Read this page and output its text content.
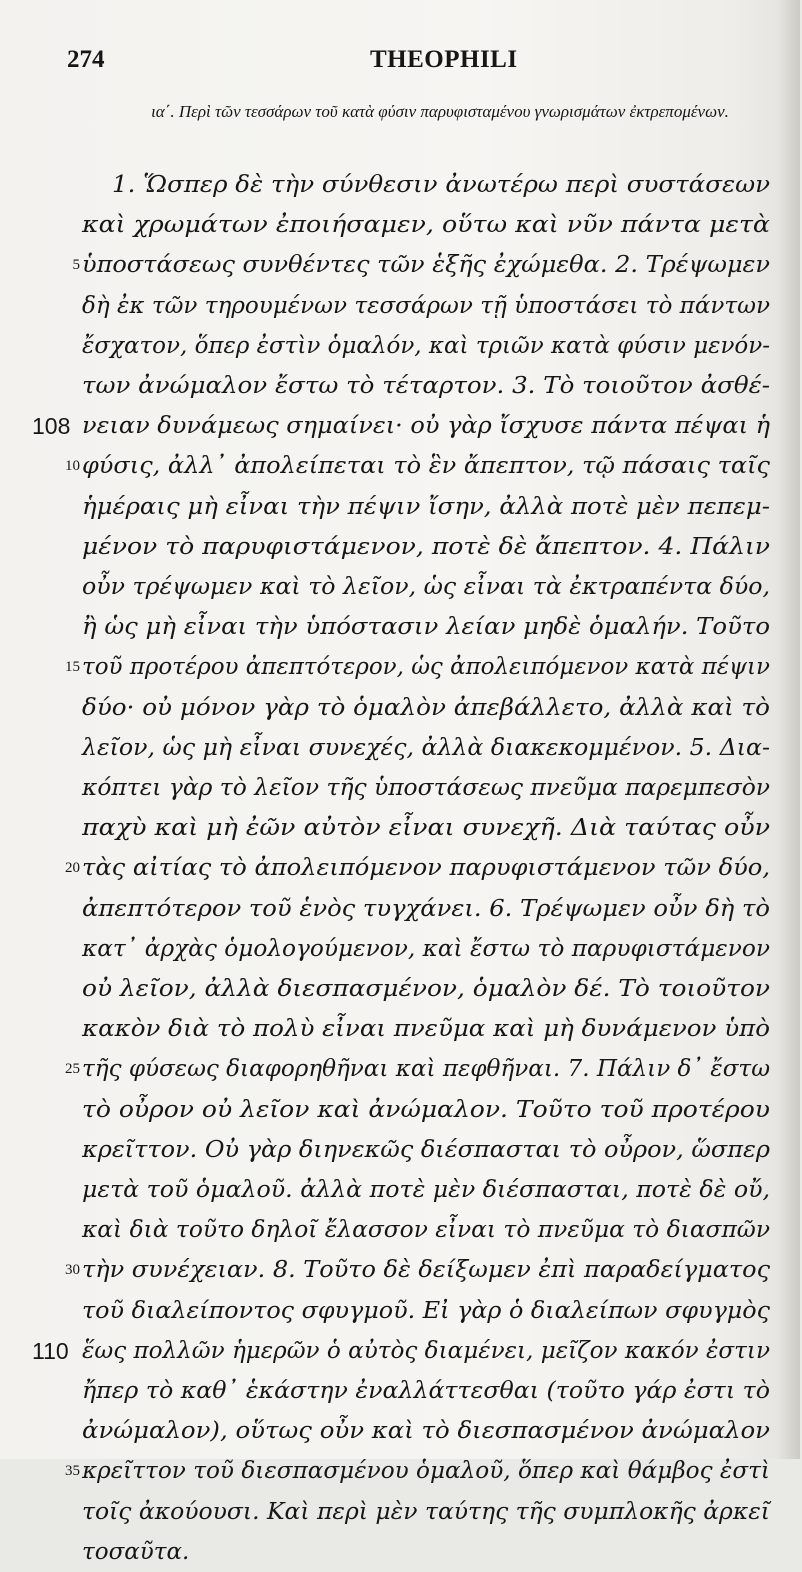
274	THEOPHILI
ια΄. Περὶ τῶν τεσσάρων τοῦ κατὰ φύσιν παρυφισταμένου γνωρισμάτων ἐκτρεπομένων.
1. Ὥσπερ δὲ τὴν σύνθεσιν ἀνωτέρω περὶ συστάσεων
καὶ χρωμάτων ἐποιήσαμεν, οὕτω καὶ νῦν πάντα μετὰ
5 ὑποστάσεως συνθέντες τῶν ἑξῆς ἐχώμεθα. 2. Τρέψωμεν
δὴ ἐκ τῶν τηρουμένων τεσσάρων τῇ ὑποστάσει τὸ πάντων
ἔσχατον, ὅπερ ἐστὶν ὁμαλόν, καὶ τριῶν κατὰ φύσιν μενόν-
των ἀνώμαλον ἔστω τὸ τέταρτον. 3. Τὸ τοιοῦτον ἀσθέ-
108 νειαν δυνάμεως σημαίνει· οὐ γὰρ ἴσχυσε πάντα πέψαι ἡ
10 φύσις, ἀλλ᾽ ἀπολείπεται τὸ ἓν ἄπεπτον, τῷ πάσαις ταῖς
ἡμέραις μὴ εἶναι τὴν πέψιν ἴσην, ἀλλὰ ποτὲ μὲν πεπεμ-
μένον τὸ παρυφιστάμενον, ποτὲ δὲ ἄπεπτον. 4. Πάλιν
οὖν τρέψωμεν καὶ τὸ λεῖον, ὡς εἶναι τὰ ἐκτραπέντα δύο,
ἢ ὡς μὴ εἶναι τὴν ὑπόστασιν λείαν μηδὲ ὁμαλήν. Τοῦτο
15 τοῦ προτέρου ἀπεπτότερον, ὡς ἀπολειπόμενον κατὰ πέψιν
δύο· οὐ μόνον γὰρ τὸ ὁμαλὸν ἀπεβάλλετο, ἀλλὰ καὶ τὸ
λεῖον, ὡς μὴ εἶναι συνεχές, ἀλλὰ διακεκομμένον. 5. Δια-
κόπτει γὰρ τὸ λεῖον τῆς ὑποστάσεως πνεῦμα παρεμπεσὸν
παχὺ καὶ μὴ ἐῶν αὐτὸν εἶναι συνεχῆ. Διὰ ταύτας οὖν
20 τὰς αἰτίας τὸ ἀπολειπόμενον παρυφιστάμενον τῶν δύο,
ἀπεπτότερον τοῦ ἑνὸς τυγχάνει. 6. Τρέψωμεν οὖν δὴ τὸ
κατ᾽ ἀρχὰς ὁμολογούμενον, καὶ ἔστω τὸ παρυφιστάμενον
οὐ λεῖον, ἀλλὰ διεσπασμένον, ὁμαλὸν δέ. Τὸ τοιοῦτον
κακὸν διὰ τὸ πολὺ εἶναι πνεῦμα καὶ μὴ δυνάμενον ὑπὸ
25 τῆς φύσεως διαφορηθῆναι καὶ πεφθῆναι. 7. Πάλιν δ᾽ ἔστω
τὸ οὖρον οὐ λεῖον καὶ ἀνώμαλον. Τοῦτο τοῦ προτέρου
κρεῖττον. Οὐ γὰρ διηνεκῶς διέσπασται τὸ οὖρον, ὥσπερ
μετὰ τοῦ ὁμαλοῦ. ἀλλὰ ποτὲ μὲν διέσπασται, ποτὲ δὲ οὔ,
καὶ διὰ τοῦτο δηλοῖ ἔλασσον εἶναι τὸ πνεῦμα τὸ διασπῶν
30 τὴν συνέχειαν. 8. Τοῦτο δὲ δείξωμεν ἐπὶ παραδείγματος
τοῦ διαλείποντος σφυγμοῦ. Εἰ γὰρ ὁ διαλείπων σφυγμὸς
110 ἕως πολλῶν ἡμερῶν ὁ αὐτὸς διαμένει, μεῖζον κακόν ἐστιν
ἤπερ τὸ καθ᾽ ἑκάστην ἐναλλάττεσθαι (τοῦτο γάρ ἐστι τὸ
ἀνώμαλον), οὕτως οὖν καὶ τὸ διεσπασμένον ἀνώμαλον
35 κρεῖττον τοῦ διεσπασμένου ὁμαλοῦ, ὅπερ καὶ θάμβος ἐστὶ
τοῖς ἀκούουσι. Καὶ περὶ μὲν ταύτης τῆς συμπλοκῆς ἀρκεῖ
τοσαῦτα.
